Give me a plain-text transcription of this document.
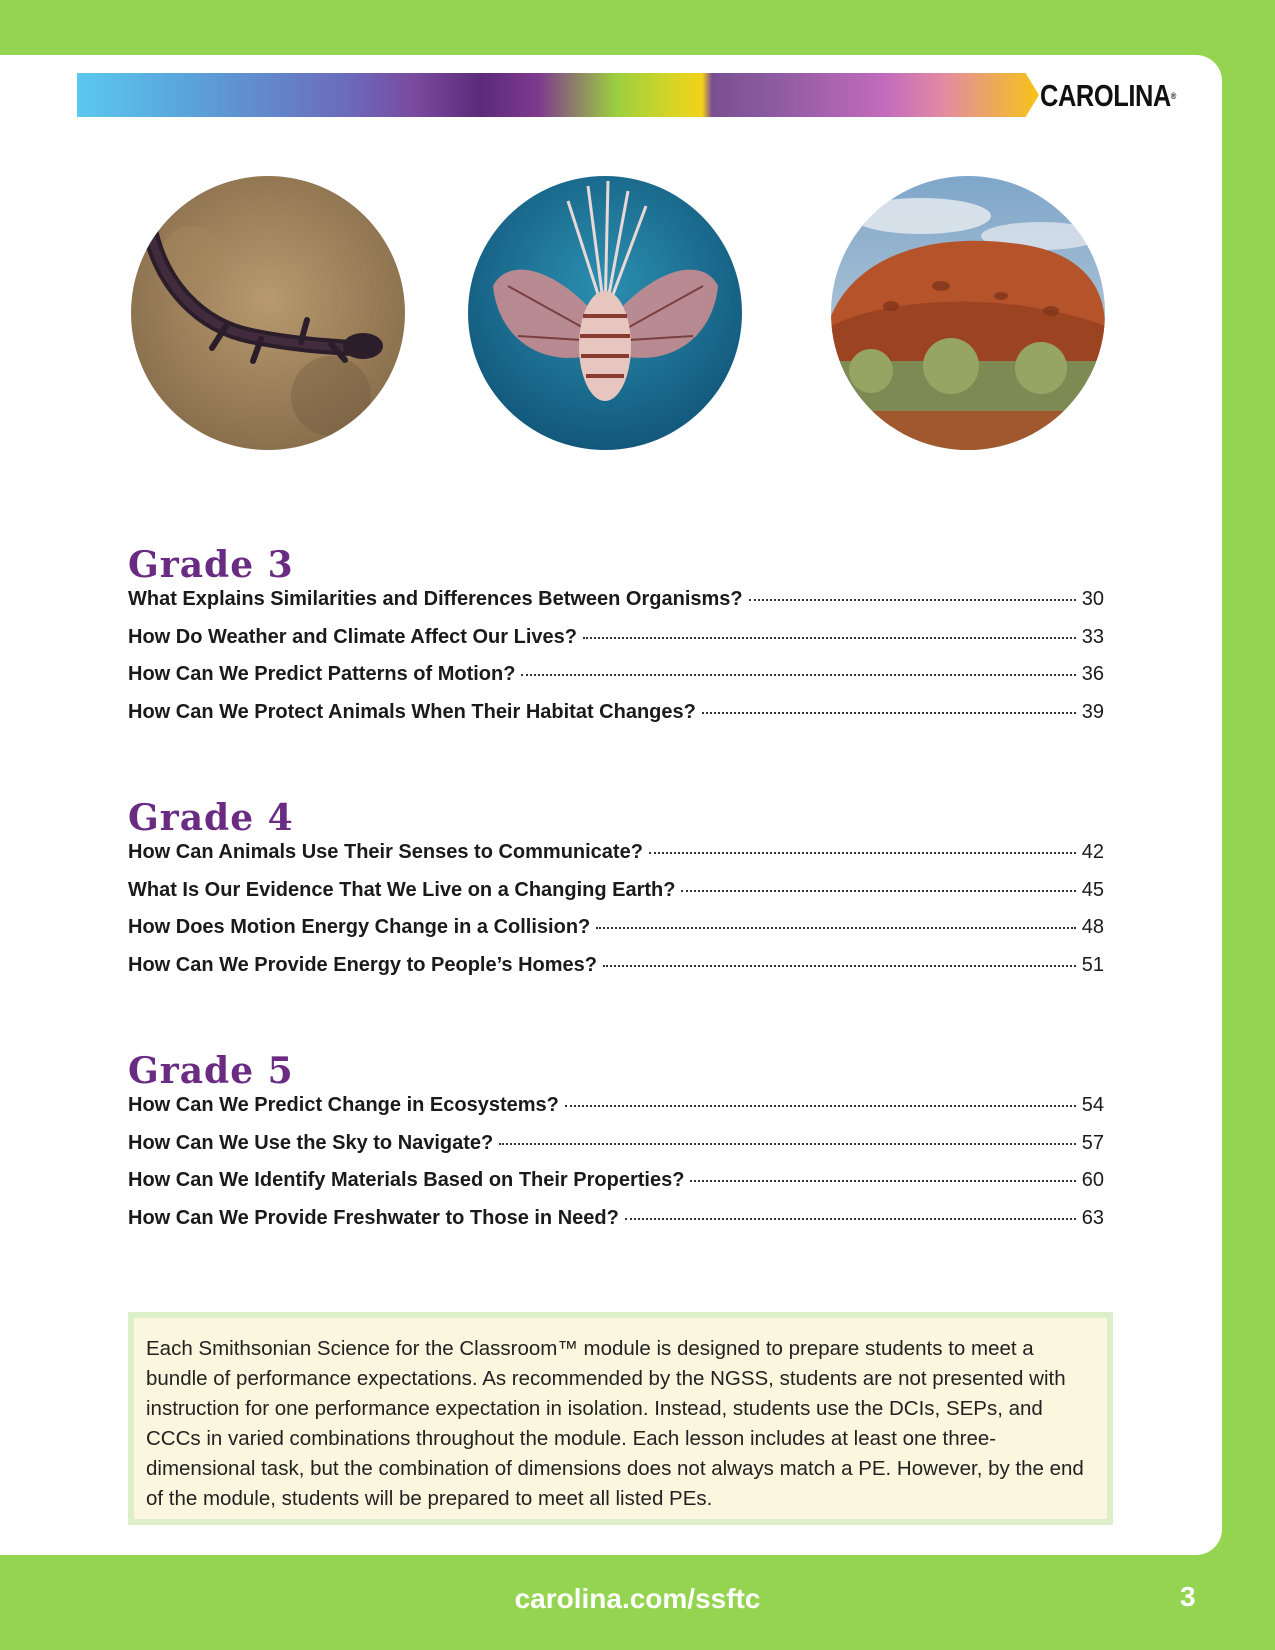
CAROLINA®
Grade 3
What Explains Similarities and Differences Between Organisms?	30
How Do Weather and Climate Affect Our Lives?	33
How Can We Predict Patterns of Motion?	36
How Can We Protect Animals When Their Habitat Changes?	39
Grade 4
How Can Animals Use Their Senses to Communicate?	42
What Is Our Evidence That We Live on a Changing Earth?	45
How Does Motion Energy Change in a Collision?	48
How Can We Provide Energy to People’s Homes?	51
Grade 5
How Can We Predict Change in Ecosystems?	54
How Can We Use the Sky to Navigate?	57
How Can We Identify Materials Based on Their Properties?	60
How Can We Provide Freshwater to Those in Need?	63
Each Smithsonian Science for the Classroom™ module is designed to prepare students to meet a bundle of performance expectations. As recommended by the NGSS, students are not presented with instruction for one performance expectation in isolation. Instead, students use the DCIs, SEPs, and CCCs in varied combinations throughout the module. Each lesson includes at least one three-dimensional task, but the combination of dimensions does not always match a PE. However, by the end of the module, students will be prepared to meet all listed PEs.
carolina.com/ssftc	3
